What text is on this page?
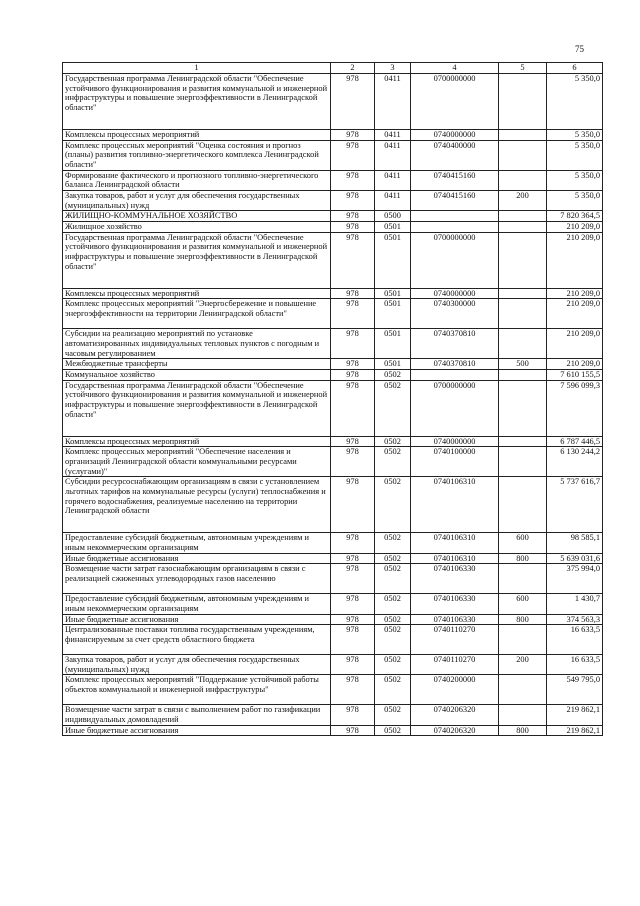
75
1	2	3	4	5	6
Государственная программа Ленинградской области "Обеспечение устойчивого функционирования и развития коммунальной и инженерной инфраструктуры и повышение энергоэффективности в Ленинградской области"	978	0411	0700000000		5 350,0
Комплексы процессных мероприятий	978	0411	0740000000		5 350,0
Комплекс процессных мероприятий "Оценка состояния и прогноз (планы) развития топливно-энергетического комплекса Ленинградской области"	978	0411	0740400000		5 350,0
Формирование фактического и прогнозного топливно-энергетического баланса Ленинградской области	978	0411	0740415160		5 350,0
Закупка товаров, работ и услуг для обеспечения государственных (муниципальных) нужд	978	0411	0740415160	200	5 350,0
ЖИЛИЩНО-КОММУНАЛЬНОЕ ХОЗЯЙСТВО	978	0500			7 820 364,5
Жилищное хозяйство	978	0501			210 209,0
Государственная программа Ленинградской области "Обеспечение устойчивого функционирования и развития коммунальной и инженерной инфраструктуры и повышение энергоэффективности в Ленинградской области"	978	0501	0700000000		210 209,0
Комплексы процессных мероприятий	978	0501	0740000000		210 209,0
Комплекс процессных мероприятий "Энергосбережение и повышение энергоэффективности на территории Ленинградской области"	978	0501	0740300000		210 209,0
Субсидии на реализацию мероприятий по установке автоматизированных индивидуальных тепловых пунктов с погодным и часовым регулированием	978	0501	0740370810		210 209,0
Межбюджетные трансферты	978	0501	0740370810	500	210 209,0
Коммунальное хозяйство	978	0502			7 610 155,5
Государственная программа Ленинградской области "Обеспечение устойчивого функционирования и развития коммунальной и инженерной инфраструктуры и повышение энергоэффективности в Ленинградской области"	978	0502	0700000000		7 596 099,3
Комплексы процессных мероприятий	978	0502	0740000000		6 787 446,5
Комплекс процессных мероприятий "Обеспечение населения и организаций Ленинградской области коммунальными ресурсами (услугами)"	978	0502	0740100000		6 130 244,2
Субсидии ресурсоснабжающим организациям в связи с установлением льготных тарифов на коммунальные ресурсы (услуги) теплоснабжения и горячего водоснабжения, реализуемые населению на территории Ленинградской области	978	0502	0740106310		5 737 616,7
Предоставление субсидий бюджетным, автономным учреждениям и иным некоммерческим организациям	978	0502	0740106310	600	98 585,1
Иные бюджетные ассигнования	978	0502	0740106310	800	5 639 031,6
Возмещение части затрат газоснабжающим организациям в связи с реализацией сжиженных углеводородных газов населению	978	0502	0740106330		375 994,0
Предоставление субсидий бюджетным, автономным учреждениям и иным некоммерческим организациям	978	0502	0740106330	600	1 430,7
Иные бюджетные ассигнования	978	0502	0740106330	800	374 563,3
Централизованные поставки топлива государственным учреждениям, финансируемым за счет средств областного бюджета	978	0502	0740110270		16 633,5
Закупка товаров, работ и услуг для обеспечения государственных (муниципальных) нужд	978	0502	0740110270	200	16 633,5
Комплекс процессных мероприятий "Поддержание устойчивой работы объектов коммунальной и инженерной инфраструктуры"	978	0502	0740200000		549 795,0
Возмещение части затрат в связи с выполнением работ по газификации индивидуальных домовладений	978	0502	0740206320		219 862,1
Иные бюджетные ассигнования	978	0502	0740206320	800	219 862,1
